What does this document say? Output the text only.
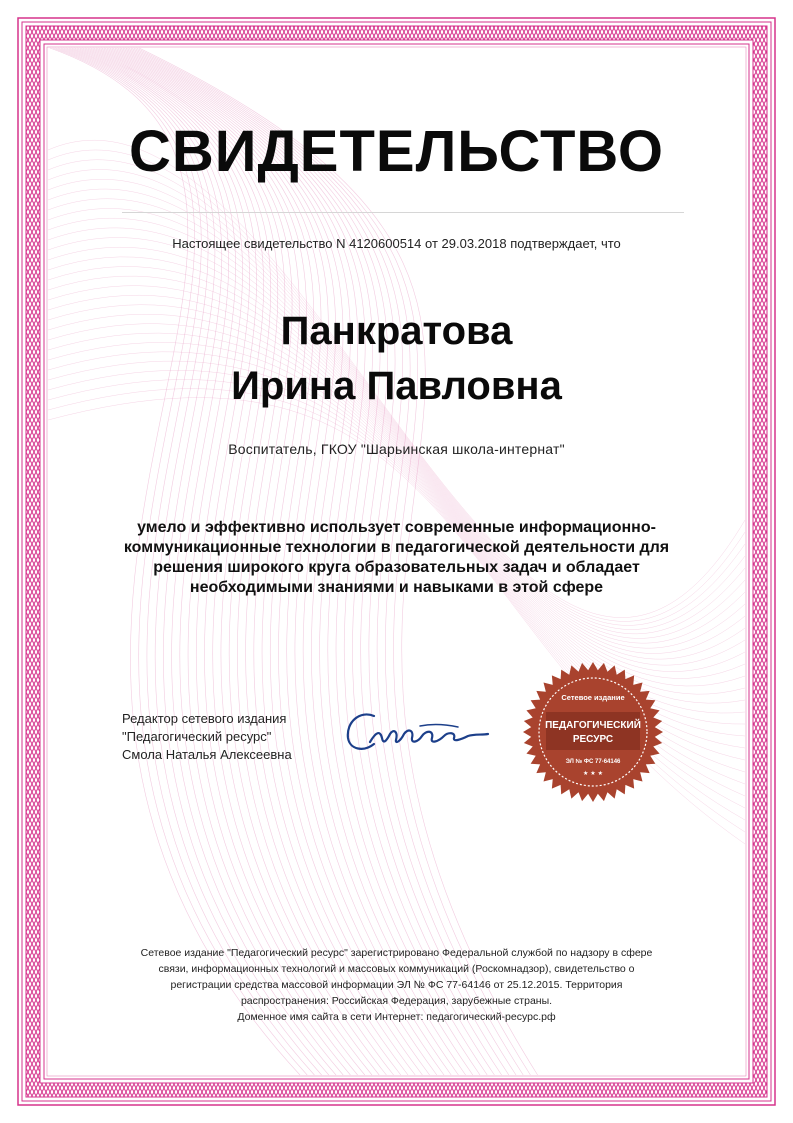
СВИДЕТЕЛЬСТВО
Настоящее свидетельство N 4120600514 от 29.03.2018 подтверждает, что
Панкратова
Ирина Павловна
Воспитатель, ГКОУ "Шарьинская школа-интернат"
умело и эффективно использует современные информационно-коммуникационные технологии в педагогической деятельности для решения широкого круга образовательных задач и обладает необходимыми знаниями и навыками в этой сфере
Редактор сетевого издания
"Педагогический ресурс"
Смола Наталья Алексеевна
Сетевое издание
ПЕДАГОГИЧЕСКИЙ
РЕСУРС
ЭЛ № ФС 77-64146
★ ★ ★
Сетевое издание "Педагогический ресурс" зарегистрировано Федеральной службой по надзору в сфере
связи, информационных технологий и массовых коммуникаций (Роскомнадзор), свидетельство о
регистрации средства массовой информации ЭЛ № ФС 77-64146 от 25.12.2015. Территория
распространения: Российская Федерация, зарубежные страны.
Доменное имя сайта в сети Интернет: педагогический-ресурс.рф
